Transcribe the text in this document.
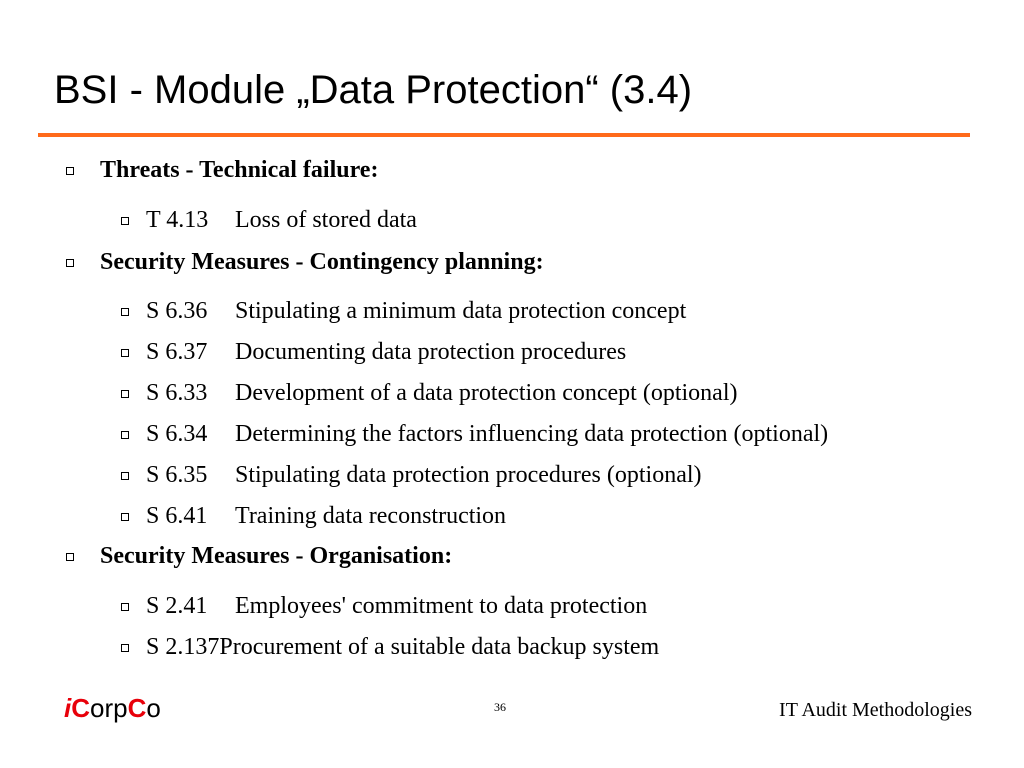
BSI - Module „Data Protection“ (3.4)
Threats - Technical failure:
T 4.13	Loss of stored data
Security Measures - Contingency planning:
S 6.36	Stipulating a minimum data protection concept
S 6.37	Documenting data protection procedures
S 6.33	Development of a data protection concept (optional)
S 6.34	Determining the factors influencing data protection (optional)
S 6.35	Stipulating data protection procedures (optional)
S 6.41	Training data reconstruction
Security Measures - Organisation:
S 2.41	Employees' commitment to data protection
S 2.137 Procurement of a suitable data backup system
iCorpCo	36	IT Audit Methodologies
